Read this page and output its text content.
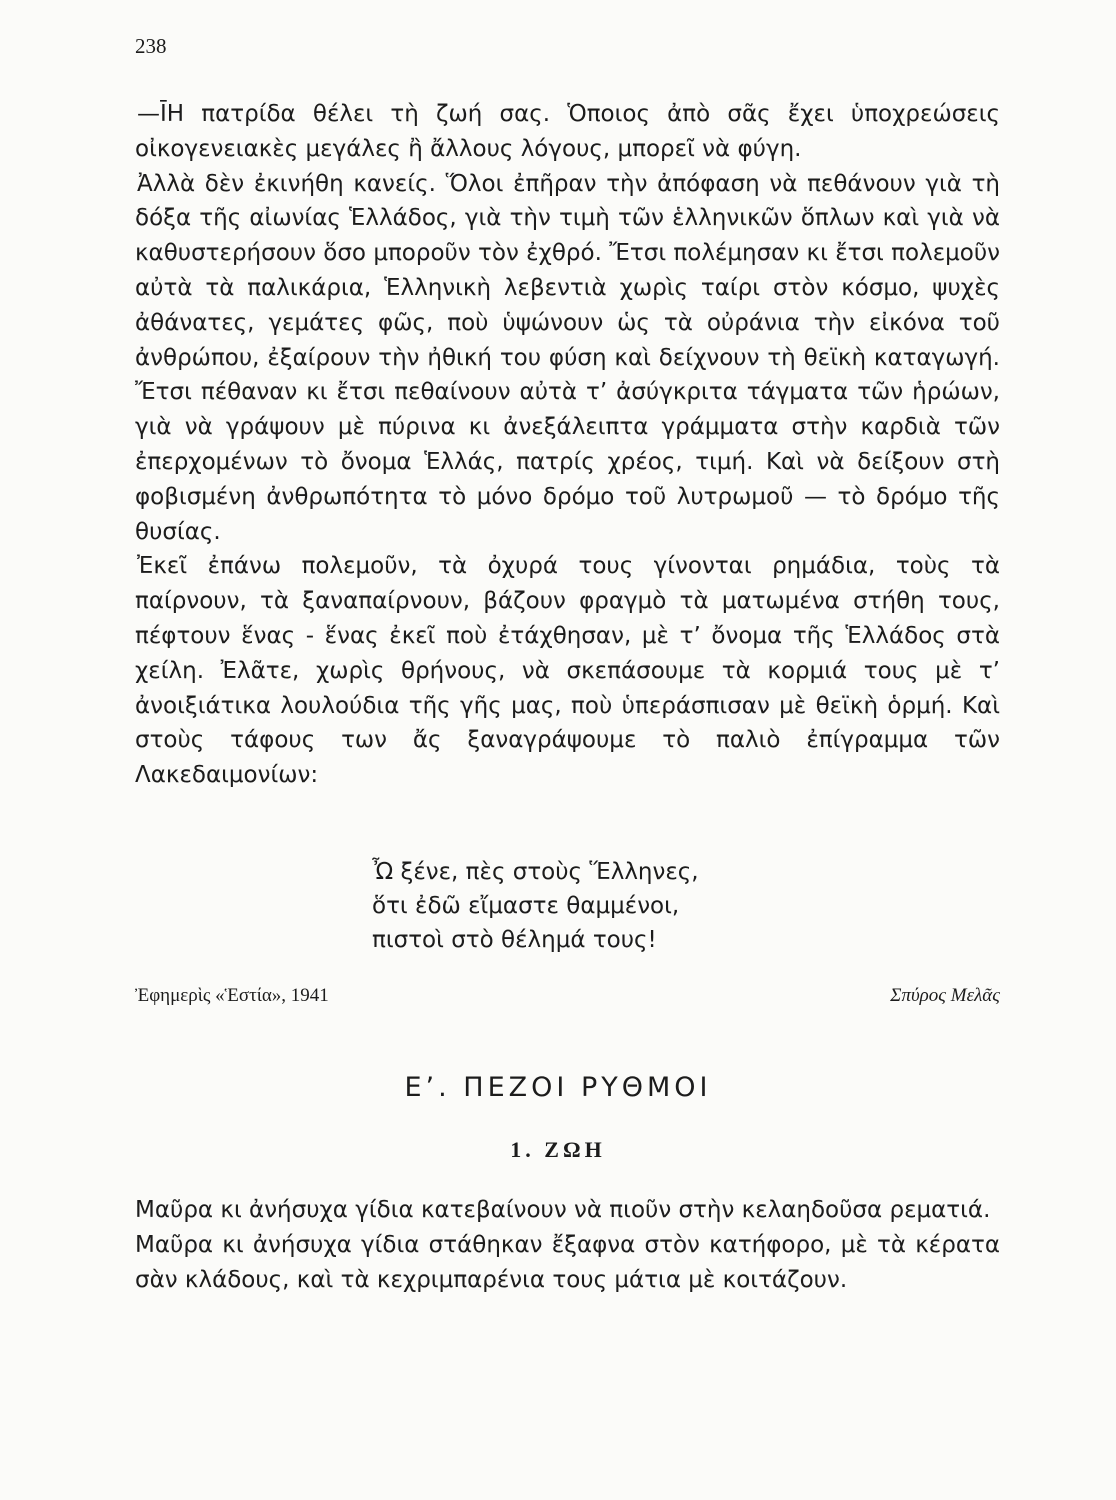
238

—ῙΗ πατρίδα θέλει τὴ ζωή σας. Ὁποιος ἀπὸ σᾶς ἔχει ὑποχρεώσεις οἰκογενειακὲς μεγάλες ἢ ἄλλους λόγους, μπορεῖ νὰ φύγη.

Ἀλλὰ δὲν ἐκινήθη κανείς. Ὅλοι ἐπῆραν τὴν ἀπόφαση νὰ πεθάνουν γιὰ τὴ δόξα τῆς αἰωνίας Ἑλλάδος, γιὰ τὴν τιμὴ τῶν ἑλληνικῶν ὅπλων καὶ γιὰ νὰ καθυστερήσουν ὅσο μποροῦν τὸν ἐχθρό. Ἔτσι πολέμησαν κι ἔτσι πολεμοῦν αὐτὰ τὰ παλικάρια, Ἑλληνικὴ λεβεντιὰ χωρὶς ταίρι στὸν κόσμο, ψυχὲς ἀθάνατες, γεμάτες φῶς, ποὺ ὑψώνουν ὡς τὰ οὐράνια τὴν εἰκόνα τοῦ ἀνθρώπου, ἐξαίρουν τὴν ἠθική του φύση καὶ δείχνουν τὴ θεϊκὴ καταγωγή. Ἔτσι πέθαναν κι ἔτσι πεθαίνουν αὐτὰ τ’ ἀσύγκριτα τάγματα τῶν ἡρώων, γιὰ νὰ γράψουν μὲ πύρινα κι ἀνεξάλειπτα γράμματα στὴν καρδιὰ τῶν ἐπερχομένων τὸ ὄνομα Ἑλλάς, πατρίς χρέος, τιμή. Καὶ νὰ δείξουν στὴ φοβισμένη ἀνθρωπότητα τὸ μόνο δρόμο τοῦ λυτρωμοῦ — τὸ δρόμο τῆς θυσίας.

Ἐκεῖ ἐπάνω πολεμοῦν, τὰ ὀχυρά τους γίνονται ρημάδια, τοὺς τὰ παίρνουν, τὰ ξαναπαίρνουν, βάζουν φραγμὸ τὰ ματωμένα στήθη τους, πέφτουν ἕνας - ἕνας ἐκεῖ ποὺ ἐτάχθησαν, μὲ τ’ ὄνομα τῆς Ἑλλάδος στὰ χείλη. Ἐλᾶτε, χωρὶς θρήνους, νὰ σκεπάσουμε τὰ κορμιά τους μὲ τ’ ἀνοιξιάτικα λουλούδια τῆς γῆς μας, ποὺ ὑπεράσπισαν μὲ θεϊκὴ ὁρμή. Καὶ στοὺς τάφους των ἄς ξαναγράψουμε τὸ παλιὸ ἐπίγραμμα τῶν Λακεδαιμονίων:

Ὦ ξένε, πὲς στοὺς Ἕλληνες,
ὅτι ἐδῶ εἴμαστε θαμμένοι,
πιστοὶ στὸ θέλημά τους!
Ἐφημερὶς «Ἑστία», 1941	Σπύρος Μελᾶς
Ε’. ΠΕΖΟΙ ΡΥΘΜΟΙ
1. ΖΩΗ

Μαῦρα κι ἀνήσυχα γίδια κατεβαίνουν νὰ πιοῦν στὴν κελαηδοῦσα ρεματιά.

Μαῦρα κι ἀνήσυχα γίδια στάθηκαν ἔξαφνα στὸν κατήφορο, μὲ τὰ κέρατα σὰν κλάδους, καὶ τὰ κεχριμπαρένια τους μάτια μὲ κοιτάζουν.
